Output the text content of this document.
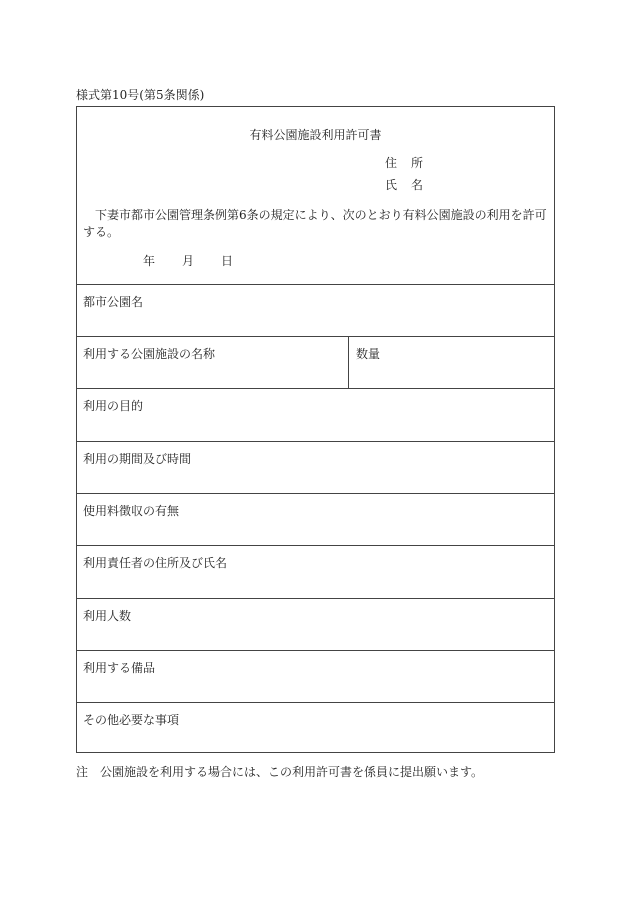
様式第10号(第5条関係)
有料公園施設利用許可書
住 所
氏 名
下妻市都市公園管理条例第6条の規定により、次のとおり有料公園施設の利用を許可する。
年 月 日
都市公園名
利用する公園施設の名称	数量
利用の目的
利用の期間及び時間
使用料徴収の有無
利用責任者の住所及び氏名
利用人数
利用する備品
その他必要な事項
注　公園施設を利用する場合には、この利用許可書を係員に提出願います。
